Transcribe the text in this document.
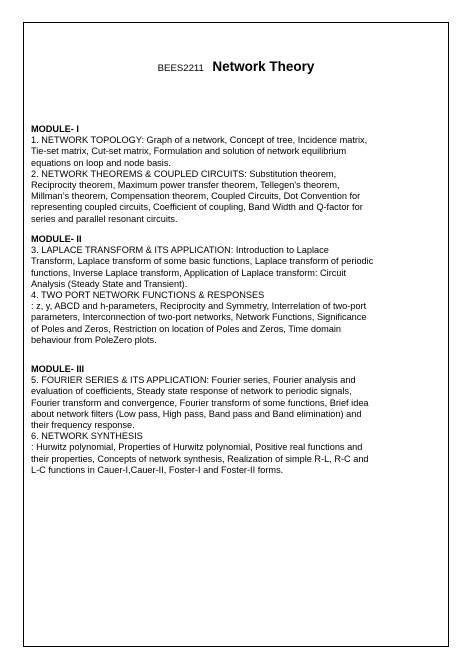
BEES2211 Network Theory
MODULE- I
1. NETWORK TOPOLOGY: Graph of a network, Concept of tree, Incidence matrix,
Tie-set matrix, Cut-set matrix, Formulation and solution of network equilibrium
equations on loop and node basis.
2. NETWORK THEOREMS & COUPLED CIRCUITS: Substitution theorem,
Reciprocity theorem, Maximum power transfer theorem, Tellegen’s theorem,
Millman’s theorem, Compensation theorem, Coupled Circuits, Dot Convention for
representing coupled circuits, Coefficient of coupling, Band Width and Q-factor for
series and parallel resonant circuits.
MODULE- II
3. LAPLACE TRANSFORM & ITS APPLICATION: Introduction to Laplace
Transform, Laplace transform of some basic functions, Laplace transform of periodic
functions, Inverse Laplace transform, Application of Laplace transform: Circuit
Analysis (Steady State and Transient).
4. TWO PORT NETWORK FUNCTIONS & RESPONSES
: z, y, ABCD and h-parameters, Reciprocity and Symmetry, Interrelation of two-port
parameters, Interconnection of two-port networks, Network Functions, Significance
of Poles and Zeros, Restriction on location of Poles and Zeros, Time domain
behaviour from PoleZero plots.
MODULE- III
5. FOURIER SERIES & ITS APPLICATION: Fourier series, Fourier analysis and
evaluation of coefficients, Steady state response of network to periodic signals,
Fourier transform and convergence, Fourier transform of some functions, Brief idea
about network filters (Low pass, High pass, Band pass and Band elimination) and
their frequency response.
6. NETWORK SYNTHESIS
: Hurwitz polynomial, Properties of Hurwitz polynomial, Positive real functions and
their properties, Concepts of network synthesis, Realization of simple R-L, R-C and
L-C functions in Cauer-I,Cauer-II, Foster-I and Foster-II forms.
